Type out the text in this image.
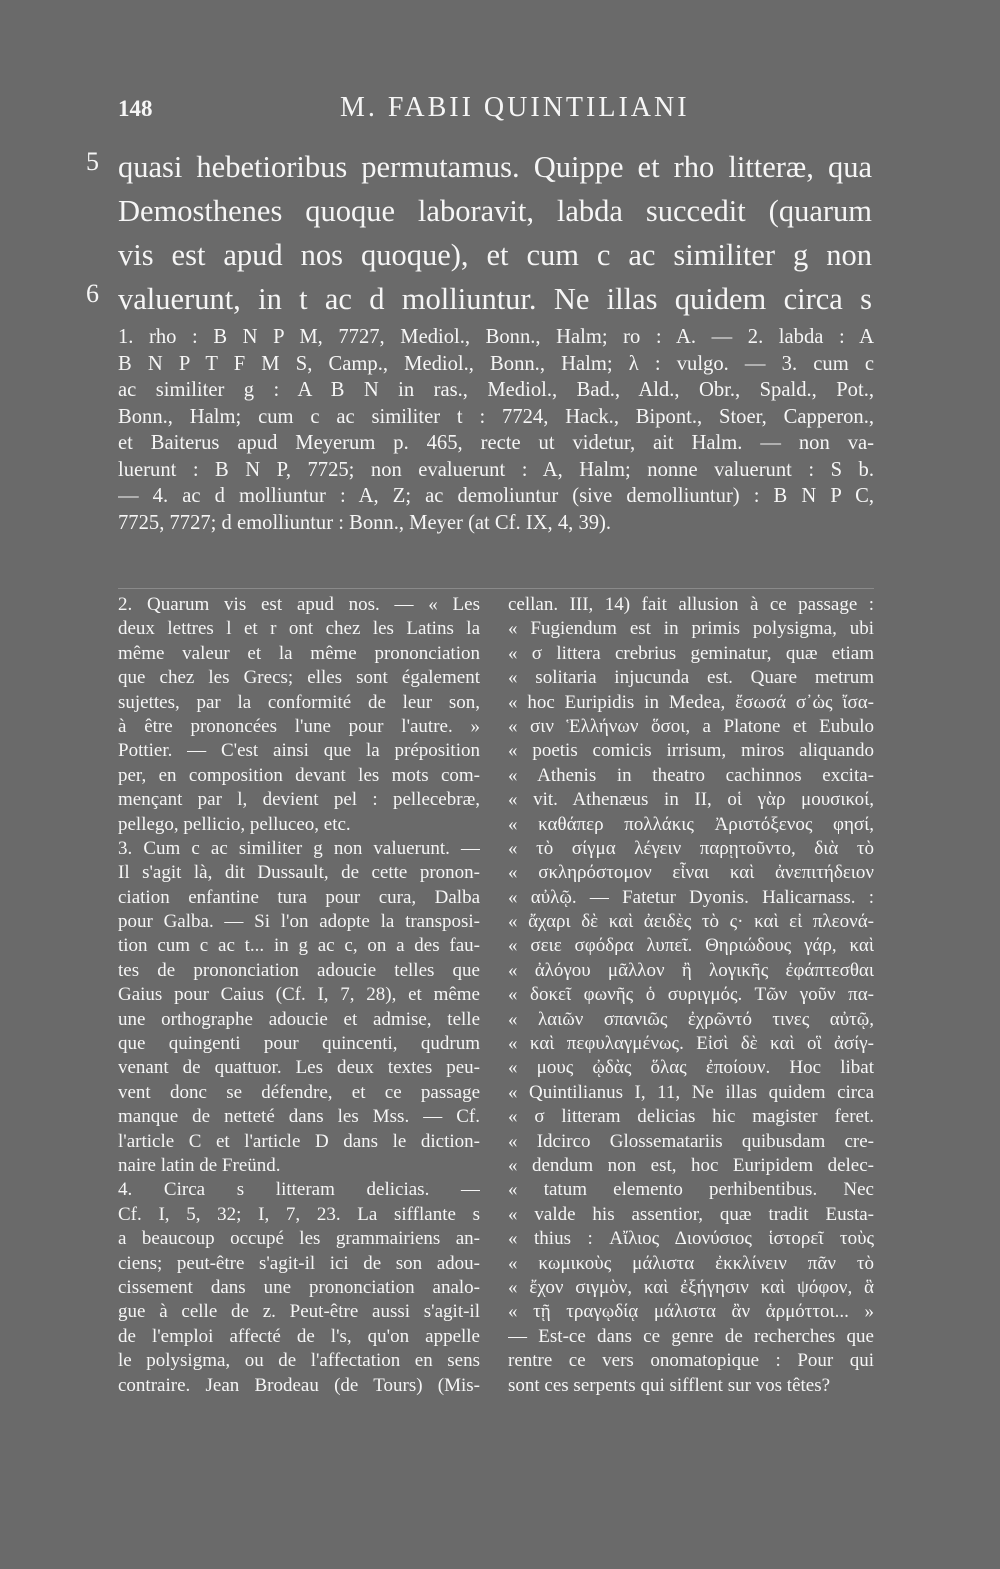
148	M. FABII QUINTILIANI
5 quasi hebetioribus permutamus. Quippe et rho litteræ, qua
Demosthenes quoque laboravit, labda succedit (quarum
vis est apud nos quoque), et cum c ac similiter g non
6 valuerunt, in t ac d molliuntur. Ne illas quidem circa s
1. rho : B N P M, 7727, Mediol., Bonn., Halm; ro : A. — 2. labda : A
B N P T F M S, Camp., Mediol., Bonn., Halm; λ : vulgo. — 3. cum c
ac similiter g : A B N in ras., Mediol., Bad., Ald., Obr., Spald., Pot.,
Bonn., Halm; cum c ac similiter t : 7724, Hack., Bipont., Stoer, Capperon.,
et Baiterus apud Meyerum p. 465, recte ut videtur, ait Halm. — non va-
luerunt : B N P, 7725; non evaluerunt : A, Halm; nonne valuerunt : S b.
— 4. ac d molliuntur : A, Z; ac demoliuntur (sive demolliuntur) : B N P C,
7725, 7727; d emolliuntur : Bonn., Meyer (at Cf. IX, 4, 39).
2. Quarum vis est apud nos. — « Les
deux lettres l et r ont chez les Latins la
même valeur et la même prononciation
que chez les Grecs; elles sont également
sujettes, par la conformité de leur son,
à être prononcées l'une pour l'autre. »
Pottier. — C'est ainsi que la préposition
per, en composition devant les mots com-
mençant par l, devient pel : pellecebræ,
pellego, pellicio, pelluceo, etc.
3. Cum c ac similiter g non valuerunt. —
Il s'agit là, dit Dussault, de cette pronon-
ciation enfantine tura pour cura, Dalba
pour Galba. — Si l'on adopte la transposi-
tion cum c ac t... in g ac c, on a des fau-
tes de prononciation adoucie telles que
Gaius pour Caius (Cf. I, 7, 28), et même
une orthographe adoucie et admise, telle
que quingenti pour quincenti, qudrum
venant de quattuor. Les deux textes peu-
vent donc se défendre, et ce passage
manque de netteté dans les Mss. — Cf.
l'article C et l'article D dans le diction-
naire latin de Freünd.
4. Circa s litteram delicias. —
Cf. I, 5, 32; I, 7, 23. La sifflante s
a beaucoup occupé les grammairiens an-
ciens; peut-être s'agit-il ici de son adou-
cissement dans une prononciation analo-
gue à celle de z. Peut-être aussi s'agit-il
de l'emploi affecté de l's, qu'on appelle
le polysigma, ou de l'affectation en sens
contraire. Jean Brodeau (de Tours) (Mis-
cellan. III, 14) fait allusion à ce passage :
« Fugiendum est in primis polysigma, ubi
« σ littera crebrius geminatur, quæ etiam
« solitaria injucunda est. Quare metrum
« hoc Euripidis in Medea, ἔσωσά σ᾽ὡς ἴσα-
« σιν Ἑλλήνων ὅσοι, a Platone et Eubulo
« poetis comicis irrisum, miros aliquando
« Athenis in theatro cachinnos excita-
« vit. Athenæus in II, οἱ γὰρ μουσικοί,
« καθάπερ πολλάκις Ἀριστόξενος φησί,
« τὸ σίγμα λέγειν παρῃτοῦντο, διὰ τὸ
« σκληρόστομον εἶναι καὶ ἀνεπιτήδειον
« αὐλῷ. — Fatetur Dyonis. Halicarnass. :
« ἄχαρι δὲ καὶ ἀειδὲς τὸ ς· καὶ εἰ πλεονά-
« σειε σφόδρα λυπεῖ. Θηριώδους γάρ, καὶ
« ἀλόγου μᾶλλον ἢ λογικῆς ἐφάπτεσθαι
« δοκεῖ φωνῆς ὁ συριγμός. Τῶν γοῦν πα-
« λαιῶν σπανιῶς ἐχρῶντό τινες αὐτῷ,
« καὶ πεφυλαγμένως. Εἰσὶ δὲ καὶ οἳ ἀσίγ-
« μους ᾠδὰς ὅλας ἐποίουν. Hoc libat
« Quintilianus I, 11, Ne illas quidem circa
« σ litteram delicias hic magister feret.
« Idcirco Glossematariis quibusdam cre-
« dendum non est, hoc Euripidem delec-
« tatum elemento perhibentibus. Nec
« valde his assentior, quæ tradit Eusta-
« thius : Αἴλιος Διονύσιος ἱστορεῖ τοὺς
« κωμικοὺς μάλιστα ἐκκλίνειν πᾶν τὸ
« ἔχον σιγμὸν, καὶ ἐξήγησιν καὶ ψόφον, ἃ
« τῇ τραγῳδίᾳ μάλιστα ἂν ἁρμόττοι... »
— Est-ce dans ce genre de recherches que
rentre ce vers onomatopique : Pour qui
sont ces serpents qui sifflent sur vos têtes?
